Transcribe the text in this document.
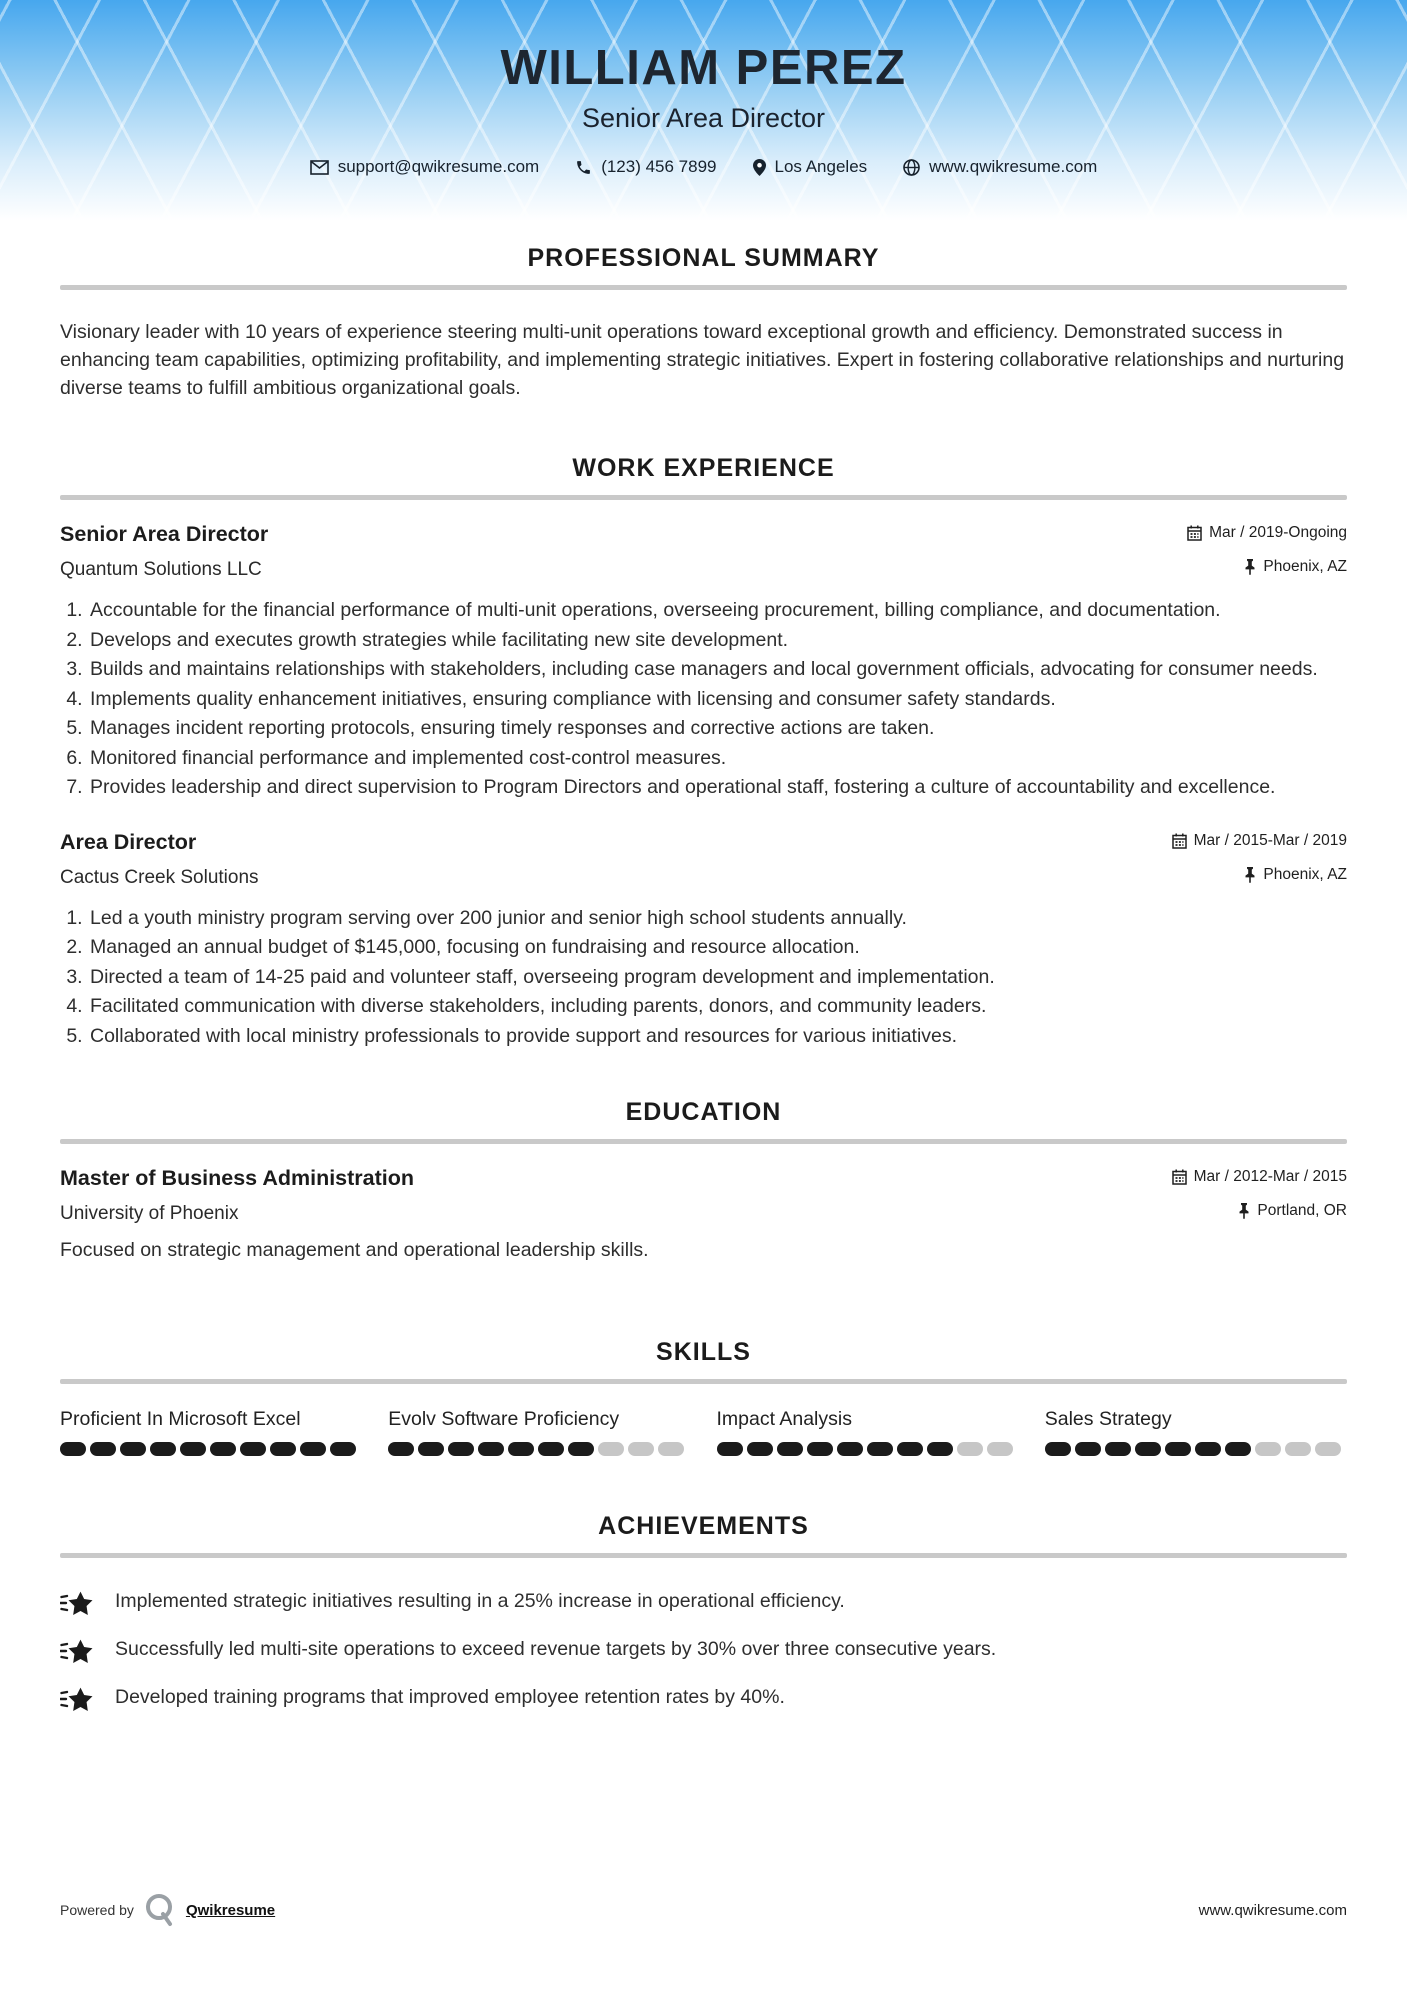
WILLIAM PEREZ
Senior Area Director
support@qwikresume.com	(123) 456 7899	Los Angeles	www.qwikresume.com
PROFESSIONAL SUMMARY

Visionary leader with 10 years of experience steering multi-unit operations toward exceptional growth and efficiency. Demonstrated success in enhancing team capabilities, optimizing profitability, and implementing strategic initiatives. Expert in fostering collaborative relationships and nurturing diverse teams to fulfill ambitious organizational goals.

WORK EXPERIENCE
Senior Area Director	Mar / 2019-Ongoing
Quantum Solutions LLC	Phoenix, AZ
1. Accountable for the financial performance of multi-unit operations, overseeing procurement, billing compliance, and documentation.
2. Develops and executes growth strategies while facilitating new site development.
3. Builds and maintains relationships with stakeholders, including case managers and local government officials, advocating for consumer needs.
4. Implements quality enhancement initiatives, ensuring compliance with licensing and consumer safety standards.
5. Manages incident reporting protocols, ensuring timely responses and corrective actions are taken.
6. Monitored financial performance and implemented cost-control measures.
7. Provides leadership and direct supervision to Program Directors and operational staff, fostering a culture of accountability and excellence.
Area Director	Mar / 2015-Mar / 2019
Cactus Creek Solutions	Phoenix, AZ
1. Led a youth ministry program serving over 200 junior and senior high school students annually.
2. Managed an annual budget of $145,000, focusing on fundraising and resource allocation.
3. Directed a team of 14-25 paid and volunteer staff, overseeing program development and implementation.
4. Facilitated communication with diverse stakeholders, including parents, donors, and community leaders.
5. Collaborated with local ministry professionals to provide support and resources for various initiatives.
EDUCATION
Master of Business Administration	Mar / 2012-Mar / 2015
University of Phoenix	Portland, OR

Focused on strategic management and operational leadership skills.

SKILLS
Proficient In Microsoft Excel	Evolv Software Proficiency	Impact Analysis	Sales Strategy
ACHIEVEMENTS
Implemented strategic initiatives resulting in a 25% increase in operational efficiency.
Successfully led multi-site operations to exceed revenue targets by 30% over three consecutive years.
Developed training programs that improved employee retention rates by 40%.
Powered by	Qwikresume	www.qwikresume.com
